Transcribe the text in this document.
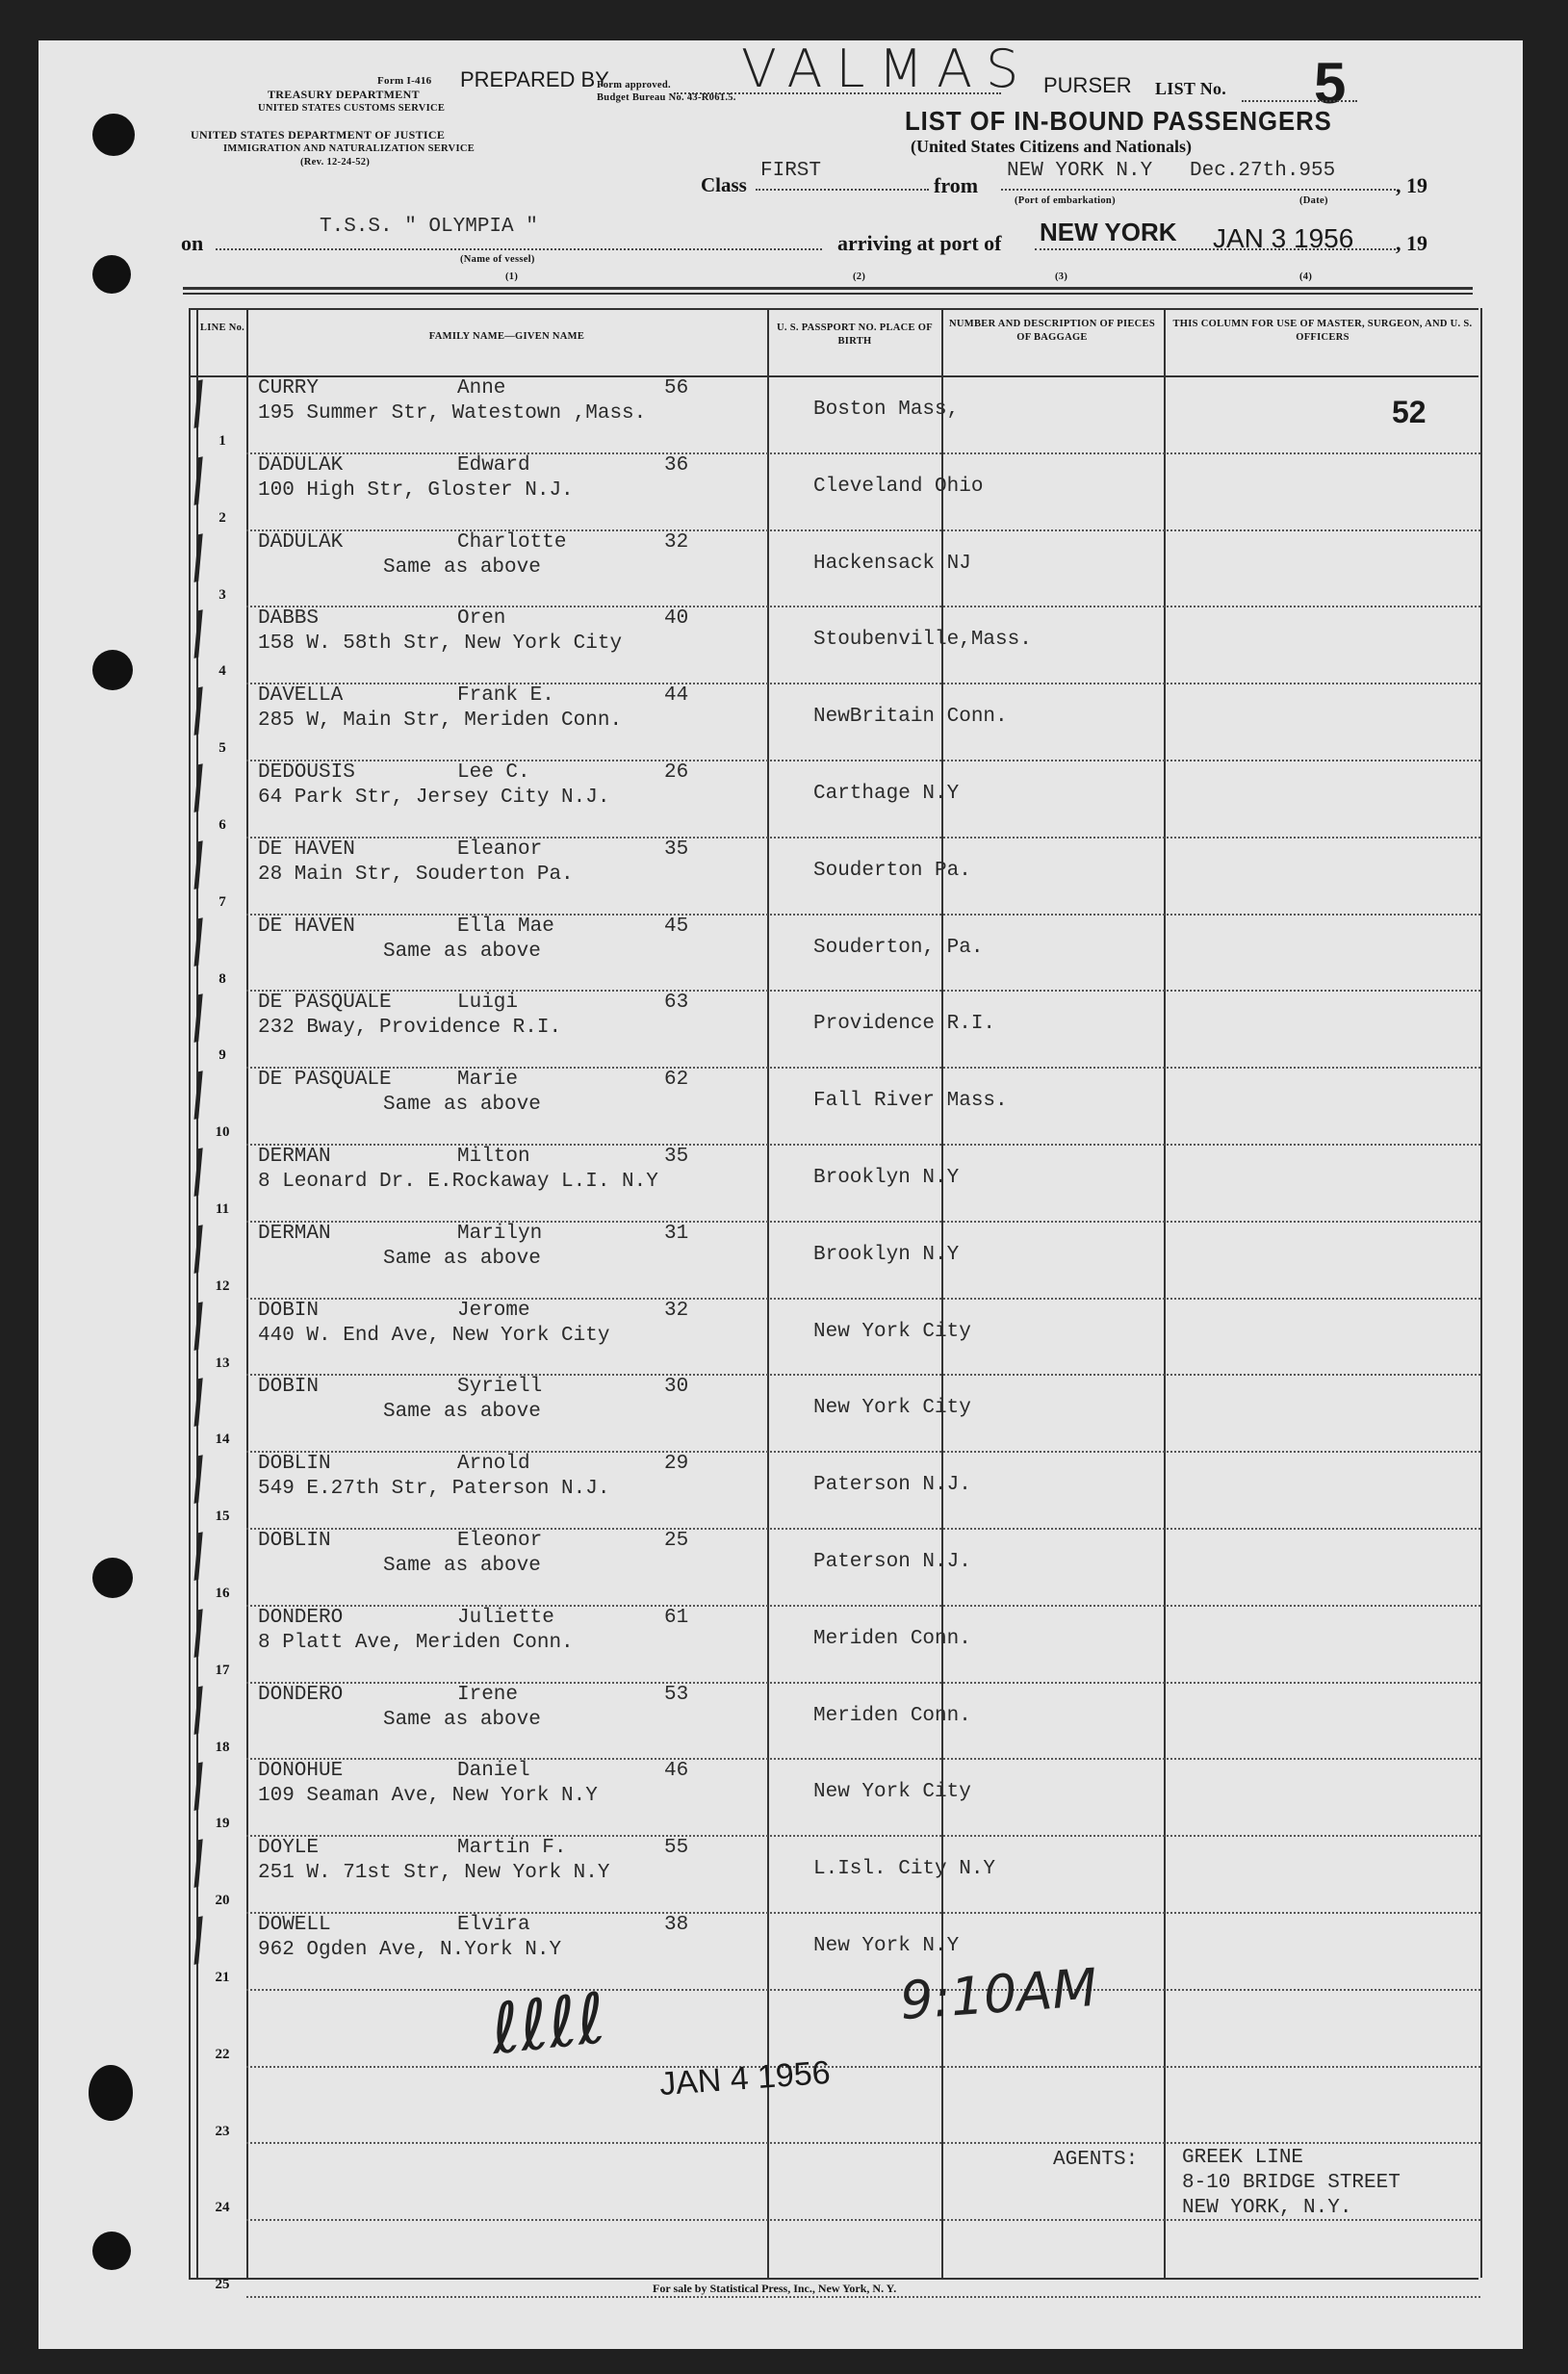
Form I-416
TREASURY DEPARTMENT
UNITED STATES CUSTOMS SERVICE
UNITED STATES DEPARTMENT OF JUSTICE
IMMIGRATION AND NATURALIZATION SERVICE
(Rev. 12-24-52)
PREPARED BY
Form approved.
Budget Bureau No. 43-R061.5. VALMAS PURSER LIST No. 5
LIST OF IN-BOUND PASSENGERS
(United States Citizens and Nationals)
Class
FIRST
from
NEW YORK N.Y Dec.27th.955
, 19
(Port of embarkation)	(Date)
on
T.S.S. " OLYMPIA "
(Name of vessel)
arriving at port of NEW YORK JAN 3 1956 , 19
(1)	(2)	(3)	(4)
LINE No.
FAMILY NAME—GIVEN NAME
U. S. PASSPORT NO. PLACE OF BIRTH
NUMBER AND DESCRIPTION OF PIECES OF BAGGAGE
THIS COLUMN FOR USE OF MASTER, SURGEON, AND U. S. OFFICERS
52
1
CURRY	Anne	56
195 Summer Str, Watestown ,Mass.	Boston Mass,
/
2
DADULAK	Edward	36
100 High Str, Gloster N.J.	Cleveland Ohio
/
3
DADULAK	Charlotte	32
Same as above	Hackensack NJ
/
4
DABBS	Oren	40
158 W. 58th Str, New York City	Stoubenville,Mass.
/
5
DAVELLA	Frank E.	44
285 W, Main Str, Meriden Conn.	NewBritain Conn.
/
6
DEDOUSIS	Lee C.	26
64 Park Str, Jersey City N.J.	Carthage N.Y
/
7
DE HAVEN	Eleanor	35
28 Main Str, Souderton Pa.	Souderton Pa.
/
8
DE HAVEN	Ella Mae	45
Same as above	Souderton, Pa.
/
9
DE PASQUALE	Luigi	63
232 Bway, Providence R.I.	Providence R.I.
/
10
DE PASQUALE	Marie	62
Same as above	Fall River Mass.
/
11
DERMAN	Milton	35
8 Leonard Dr. E.Rockaway L.I. N.Y	Brooklyn N.Y
/
12
DERMAN	Marilyn	31
Same as above	Brooklyn N.Y
/
13
DOBIN	Jerome	32
440 W. End Ave, New York City	New York City
/
14
DOBIN	Syriell	30
Same as above	New York City
/
15
DOBLIN	Arnold	29
549 E.27th Str, Paterson N.J.	Paterson N.J.
/
16
DOBLIN	Eleonor	25
Same as above	Paterson N.J.
/
17
DONDERO	Juliette	61
8 Platt Ave, Meriden Conn.	Meriden Conn.
/
18
DONDERO	Irene	53
Same as above	Meriden Conn.
/
19
DONOHUE	Daniel	46
109 Seaman Ave, New York N.Y	New York City
/
20
DOYLE	Martin F.	55
251 W. 71st Str, New York N.Y	L.Isl. City N.Y
/
21
DOWELL	Elvira	38
962 Ogden Ave, N.York N.Y	New York N.Y
/
22
23
24
25
ℓℓℓℓ
JAN 4 1956
9:10AM
AGENTS: GREEK LINE
8-10 BRIDGE STREET
NEW YORK, N.Y.
For sale by Statistical Press, Inc., New York, N. Y.
